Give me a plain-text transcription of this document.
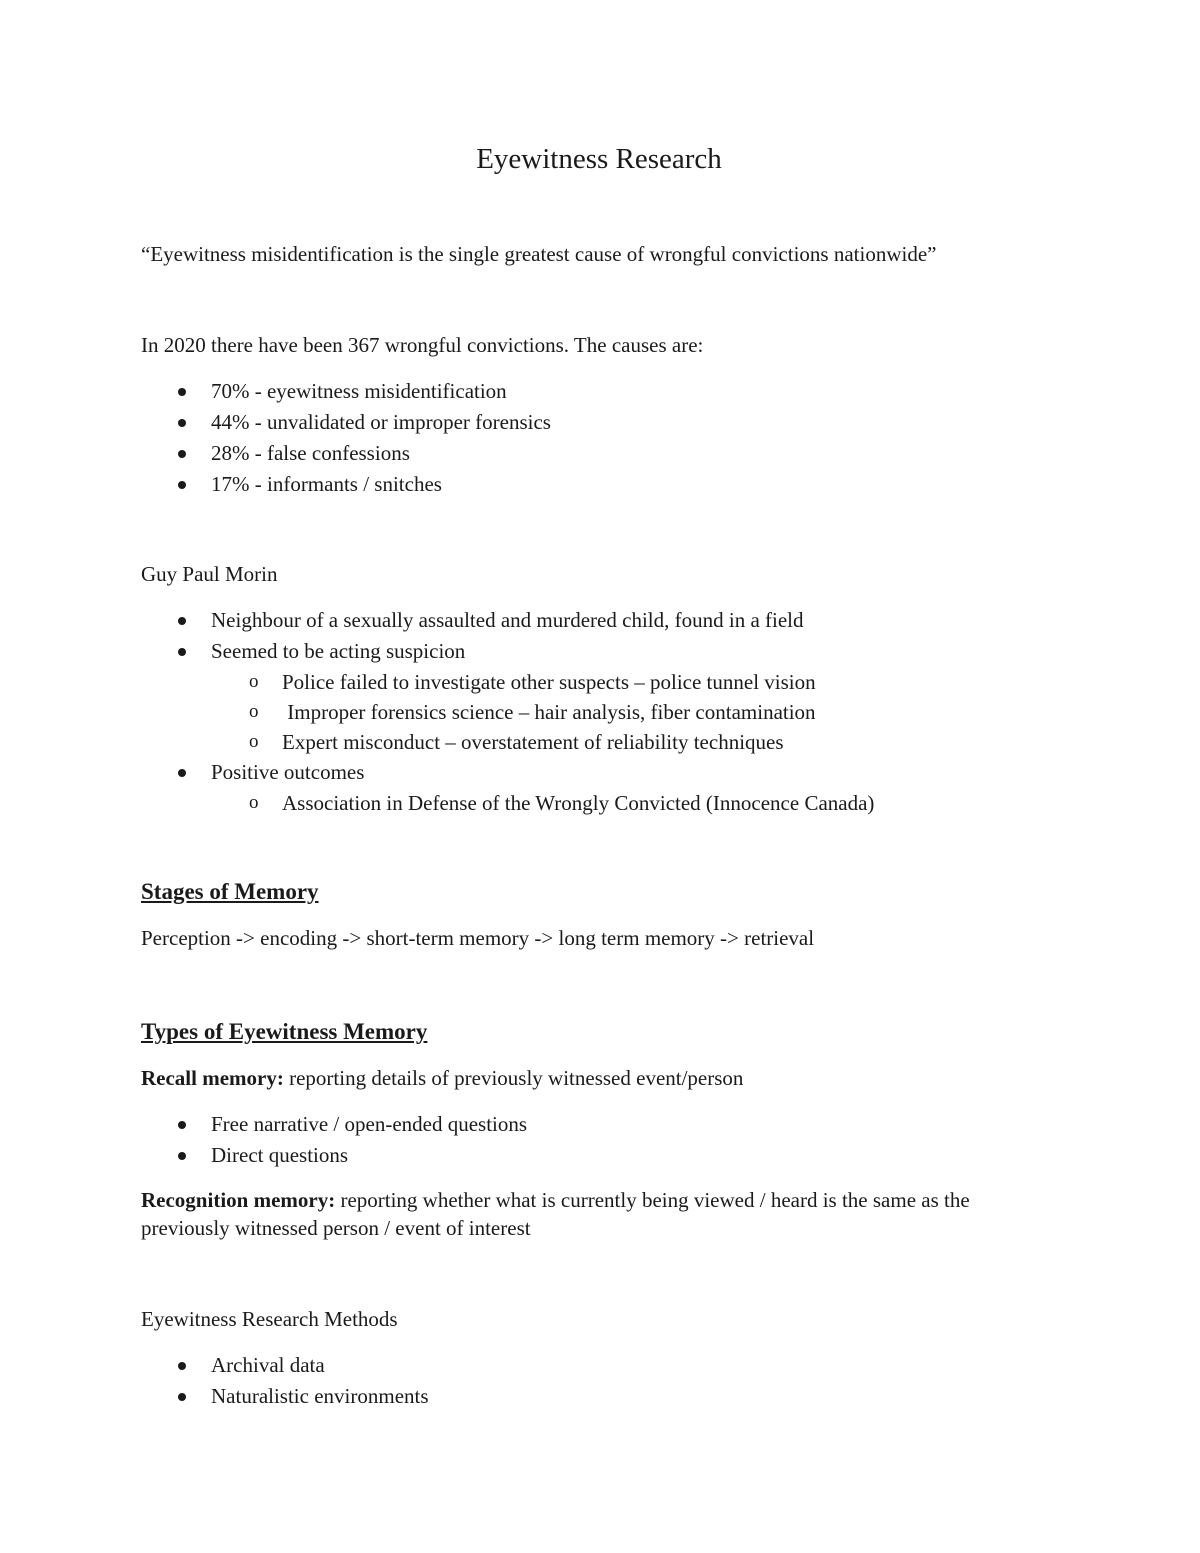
Eyewitness Research

“Eyewitness misidentification is the single greatest cause of wrongful convictions nationwide”

In 2020 there have been 367 wrongful convictions. The causes are:

70% - eyewitness misidentification
44% - unvalidated or improper forensics
28% - false confessions
17% - informants / snitches

Guy Paul Morin

Neighbour of a sexually assaulted and murdered child, found in a field
Seemed to be acting suspicion
o Police failed to investigate other suspects – police tunnel vision
o  Improper forensics science – hair analysis, fiber contamination
o Expert misconduct – overstatement of reliability techniques
Positive outcomes
o Association in Defense of the Wrongly Convicted (Innocence Canada)

Stages of Memory

Perception -> encoding -> short-term memory -> long term memory -> retrieval

Types of Eyewitness Memory

Recall memory: reporting details of previously witnessed event/person

Free narrative / open-ended questions
Direct questions

Recognition memory: reporting whether what is currently being viewed / heard is the same as the previously witnessed person / event of interest

Eyewitness Research Methods

Archival data
Naturalistic environments
